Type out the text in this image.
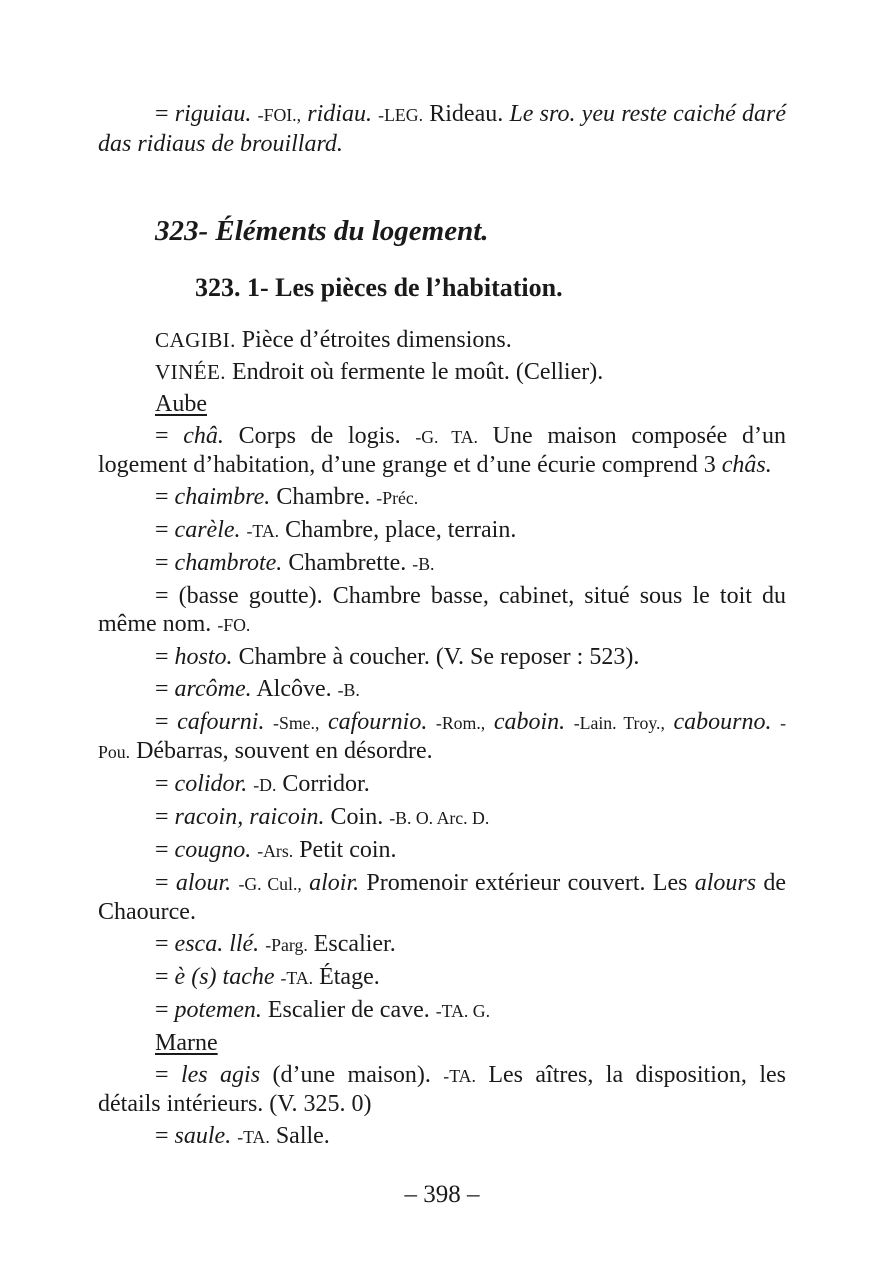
= riguiau. -FOI., ridiau. -LEG. Rideau. Le sro. yeu reste caiché daré das ridiaus de brouillard.

323- Éléments du logement.
323. 1- Les pièces de l’habitation.

CAGIBI. Pièce d’étroites dimensions.

VINÉE. Endroit où fermente le moût. (Cellier).

Aube

= châ. Corps de logis. -G. TA. Une maison composée d’un logement d’habitation, d’une grange et d’une écurie comprend 3 châs.

= chaimbre. Chambre. -Préc.

= carèle. -TA. Chambre, place, terrain.

= chambrote. Chambrette. -B.

= (basse goutte). Chambre basse, cabinet, situé sous le toit du même nom. -FO.

= hosto. Chambre à coucher. (V. Se reposer : 523).

= arcôme. Alcôve. -B.

= cafourni. -Sme., cafournio. -Rom., caboin. -Lain. Troy., cabourno. -Pou. Débarras, souvent en désordre.

= colidor. -D. Corridor.

= racoin, raicoin. Coin. -B. O. Arc. D.

= cougno. -Ars. Petit coin.

= alour. -G. Cul., aloir. Promenoir extérieur couvert. Les alours de Chaource.

= esca. llé. -Parg. Escalier.

= è (s) tache -TA. Étage.

= potemen. Escalier de cave. -TA. G.

Marne

= les agis (d’une maison). -TA. Les aîtres, la disposition, les détails intérieurs. (V. 325. 0)

= saule. -TA. Salle.

– 398 –
